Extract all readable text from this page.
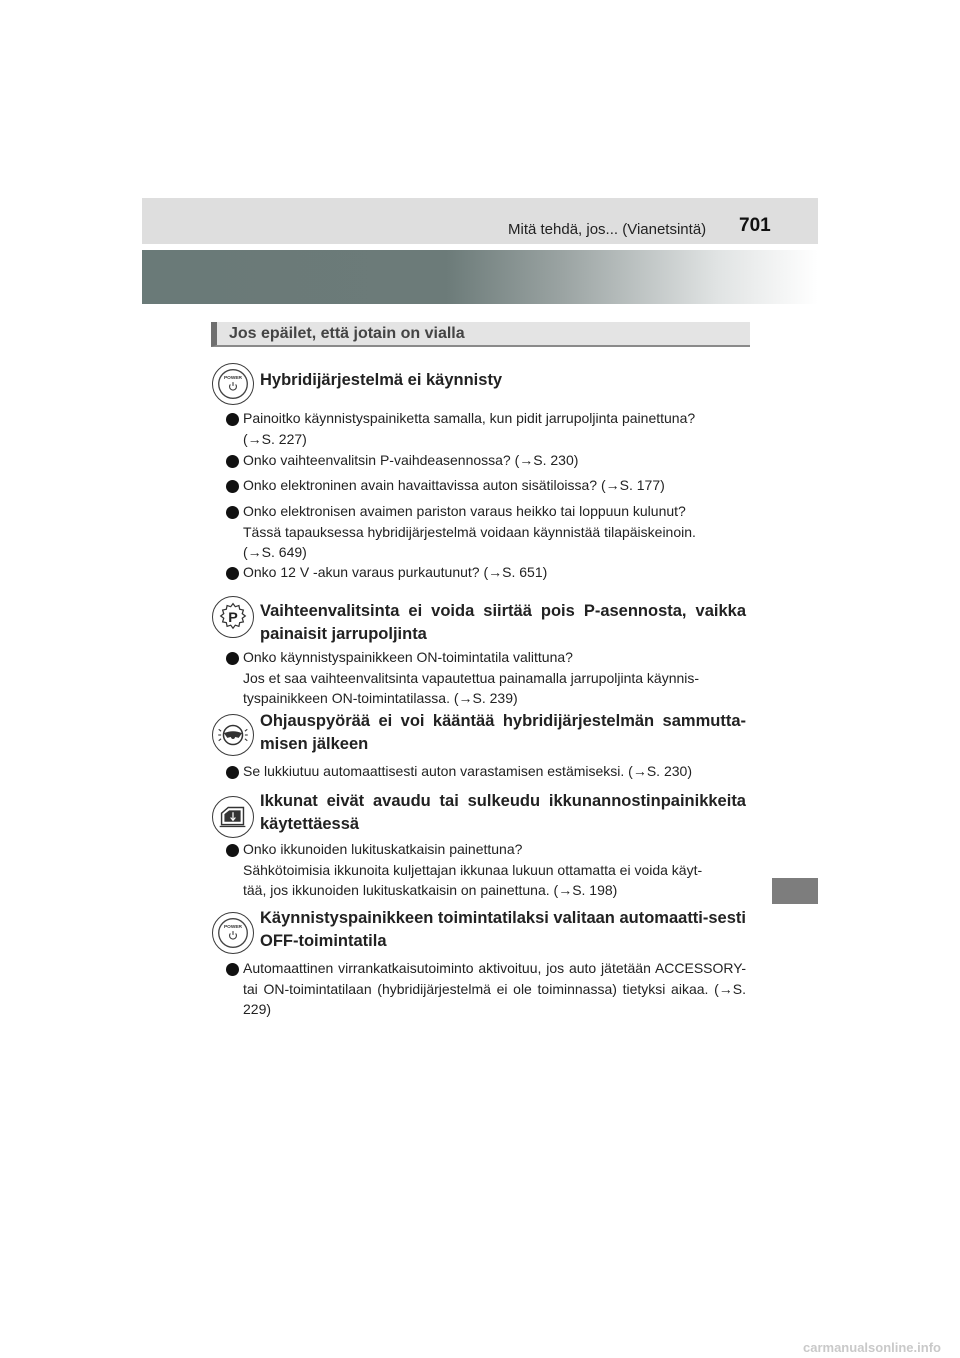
Mitä tehdä, jos... (Vianetsintä) 701
Jos epäilet, että jotain on vialla
POWER Hybridijärjestelmä ei käynnisty
Painoitko käynnistyspainiketta samalla, kun pidit jarrupoljinta painettuna?
(→S. 227)
Onko vaihteenvalitsin P-vaihdeasennossa? (→S. 230)
Onko elektroninen avain havaittavissa auton sisätiloissa? (→S. 177)
Onko elektronisen avaimen pariston varaus heikko tai loppuun kulunut?
Tässä tapauksessa hybridijärjestelmä voidaan käynnistää tilapäiskeinoin.
(→S. 649)
Onko 12 V -akun varaus purkautunut? (→S. 651)
P Vaihteenvalitsinta ei voida siirtää pois P-asennosta, vaikka painaisit jarrupoljinta
Onko käynnistyspainikkeen ON-toimintatila valittuna?
Jos et saa vaihteenvalitsinta vapautettua painamalla jarrupoljinta käynnis-
tyspainikkeen ON-toimintatilassa. (→S. 239)
Ohjauspyörää ei voi kääntää hybridijärjestelmän sammutta-misen jälkeen
Se lukkiutuu automaattisesti auton varastamisen estämiseksi. (→S. 230)
Ikkunat eivät avaudu tai sulkeudu ikkunannostinpainikkeita käytettäessä
Onko ikkunoiden lukituskatkaisin painettuna?
Sähkötoimisia ikkunoita kuljettajan ikkunaa lukuun ottamatta ei voida käyt-
tää, jos ikkunoiden lukituskatkaisin on painettuna. (→S. 198)
POWER
Käynnistyspainikkeen toimintatilaksi valitaan automaatti-sesti OFF-toimintatila
Automaattinen virrankatkaisutoiminto aktivoituu, jos auto jätetään ACCESSORY- tai ON-toimintatilaan (hybridijärjestelmä ei ole toiminnassa) tietyksi aikaa. (→S. 229)
carmanualsonline.info
